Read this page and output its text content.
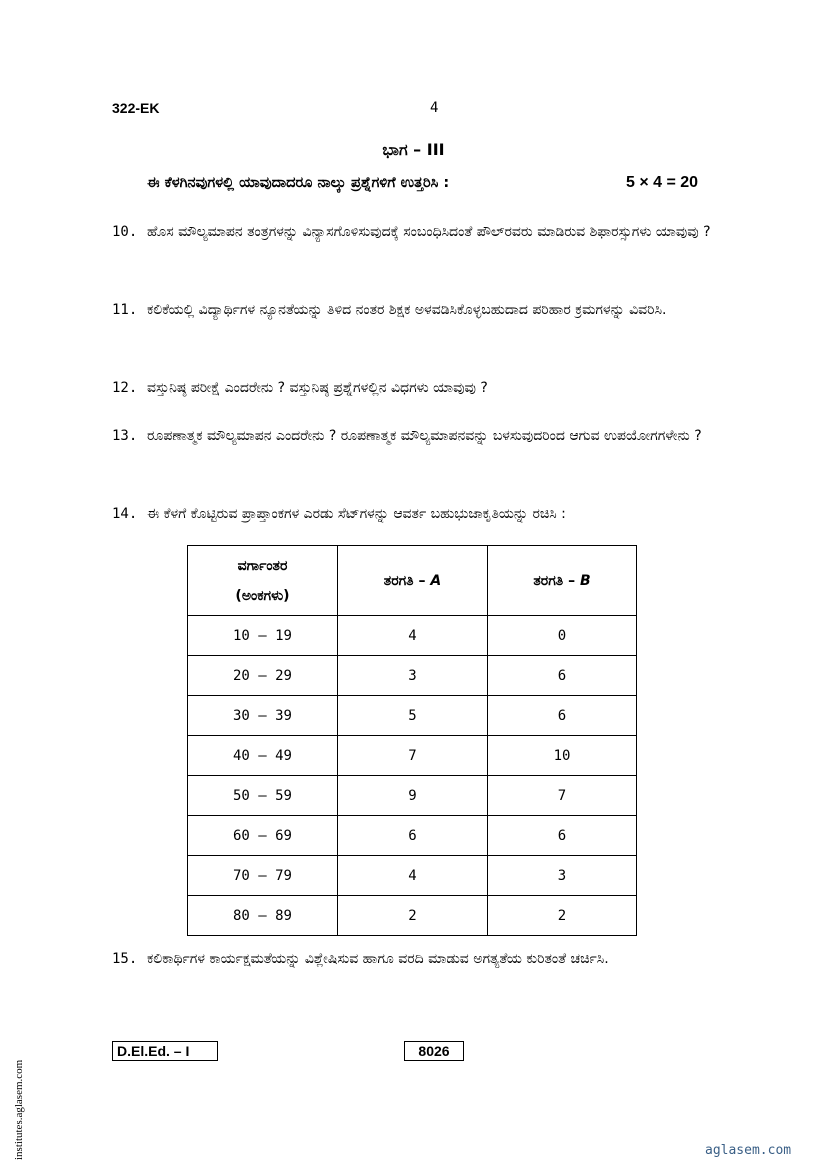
322-EK	4
ಭಾಗ – III
ಈ ಕೆಳಗಿನವುಗಳಲ್ಲಿ ಯಾವುದಾದರೂ ನಾಲ್ಕು ಪ್ರಶ್ನೆಗಳಿಗೆ ಉತ್ತರಿಸಿ :	5 × 4 = 20
10. ಹೊಸ ಮೌಲ್ಯಮಾಪನ ತಂತ್ರಗಳನ್ನು ವಿನ್ಯಾಸಗೊಳಿಸುವುದಕ್ಕೆ ಸಂಬಂಧಿಸಿದಂತೆ ಪೌಲ್‌ರವರು ಮಾಡಿರುವ ಶಿಫಾರಸ್ಸುಗಳು ಯಾವುವು ?
11. ಕಲಿಕೆಯಲ್ಲಿ ವಿದ್ಯಾರ್ಥಿಗಳ ನ್ಯೂನತೆಯನ್ನು ತಿಳಿದ ನಂತರ ಶಿಕ್ಷಕ ಅಳವಡಿಸಿಕೊಳ್ಳಬಹುದಾದ ಪರಿಹಾರ ಕ್ರಮಗಳನ್ನು ವಿವರಿಸಿ.
12. ವಸ್ತುನಿಷ್ಠ ಪರೀಕ್ಷೆ ಎಂದರೇನು ? ವಸ್ತುನಿಷ್ಠ ಪ್ರಶ್ನೆಗಳಲ್ಲಿನ ವಿಧಗಳು ಯಾವುವು ?
13. ರೂಪಣಾತ್ಮಕ ಮೌಲ್ಯಮಾಪನ ಎಂದರೇನು ? ರೂಪಣಾತ್ಮಕ ಮೌಲ್ಯಮಾಪನವನ್ನು ಬಳಸುವುದರಿಂದ ಆಗುವ ಉಪಯೋಗಗಳೇನು ?
14. ಈ ಕೆಳಗೆ ಕೊಟ್ಟಿರುವ ಪ್ರಾಪ್ತಾಂಕಗಳ ಎರಡು ಸೆಟ್‌ಗಳನ್ನು ಆವರ್ತ ಬಹುಭುಜಾಕೃತಿಯನ್ನು ರಚಿಸಿ :
ವರ್ಗಾಂತರ
(ಅಂಕಗಳು)	ತರಗತಿ – A	ತರಗತಿ – B
10 — 19	4	0
20 — 29	3	6
30 — 39	5	6
40 — 49	7	10
50 — 59	9	7
60 — 69	6	6
70 — 79	4	3
80 — 89	2	2
15. ಕಲಿಕಾರ್ಥಿಗಳ ಕಾರ್ಯಕ್ಷಮತೆಯನ್ನು ವಿಶ್ಲೇಷಿಸುವ ಹಾಗೂ ವರದಿ ಮಾಡುವ ಅಗತ್ಯತೆಯ ಕುರಿತಂತೆ ಚರ್ಚಿಸಿ.
D.El.Ed. – I	8026
institutes.aglasem.com	aglasem.com
